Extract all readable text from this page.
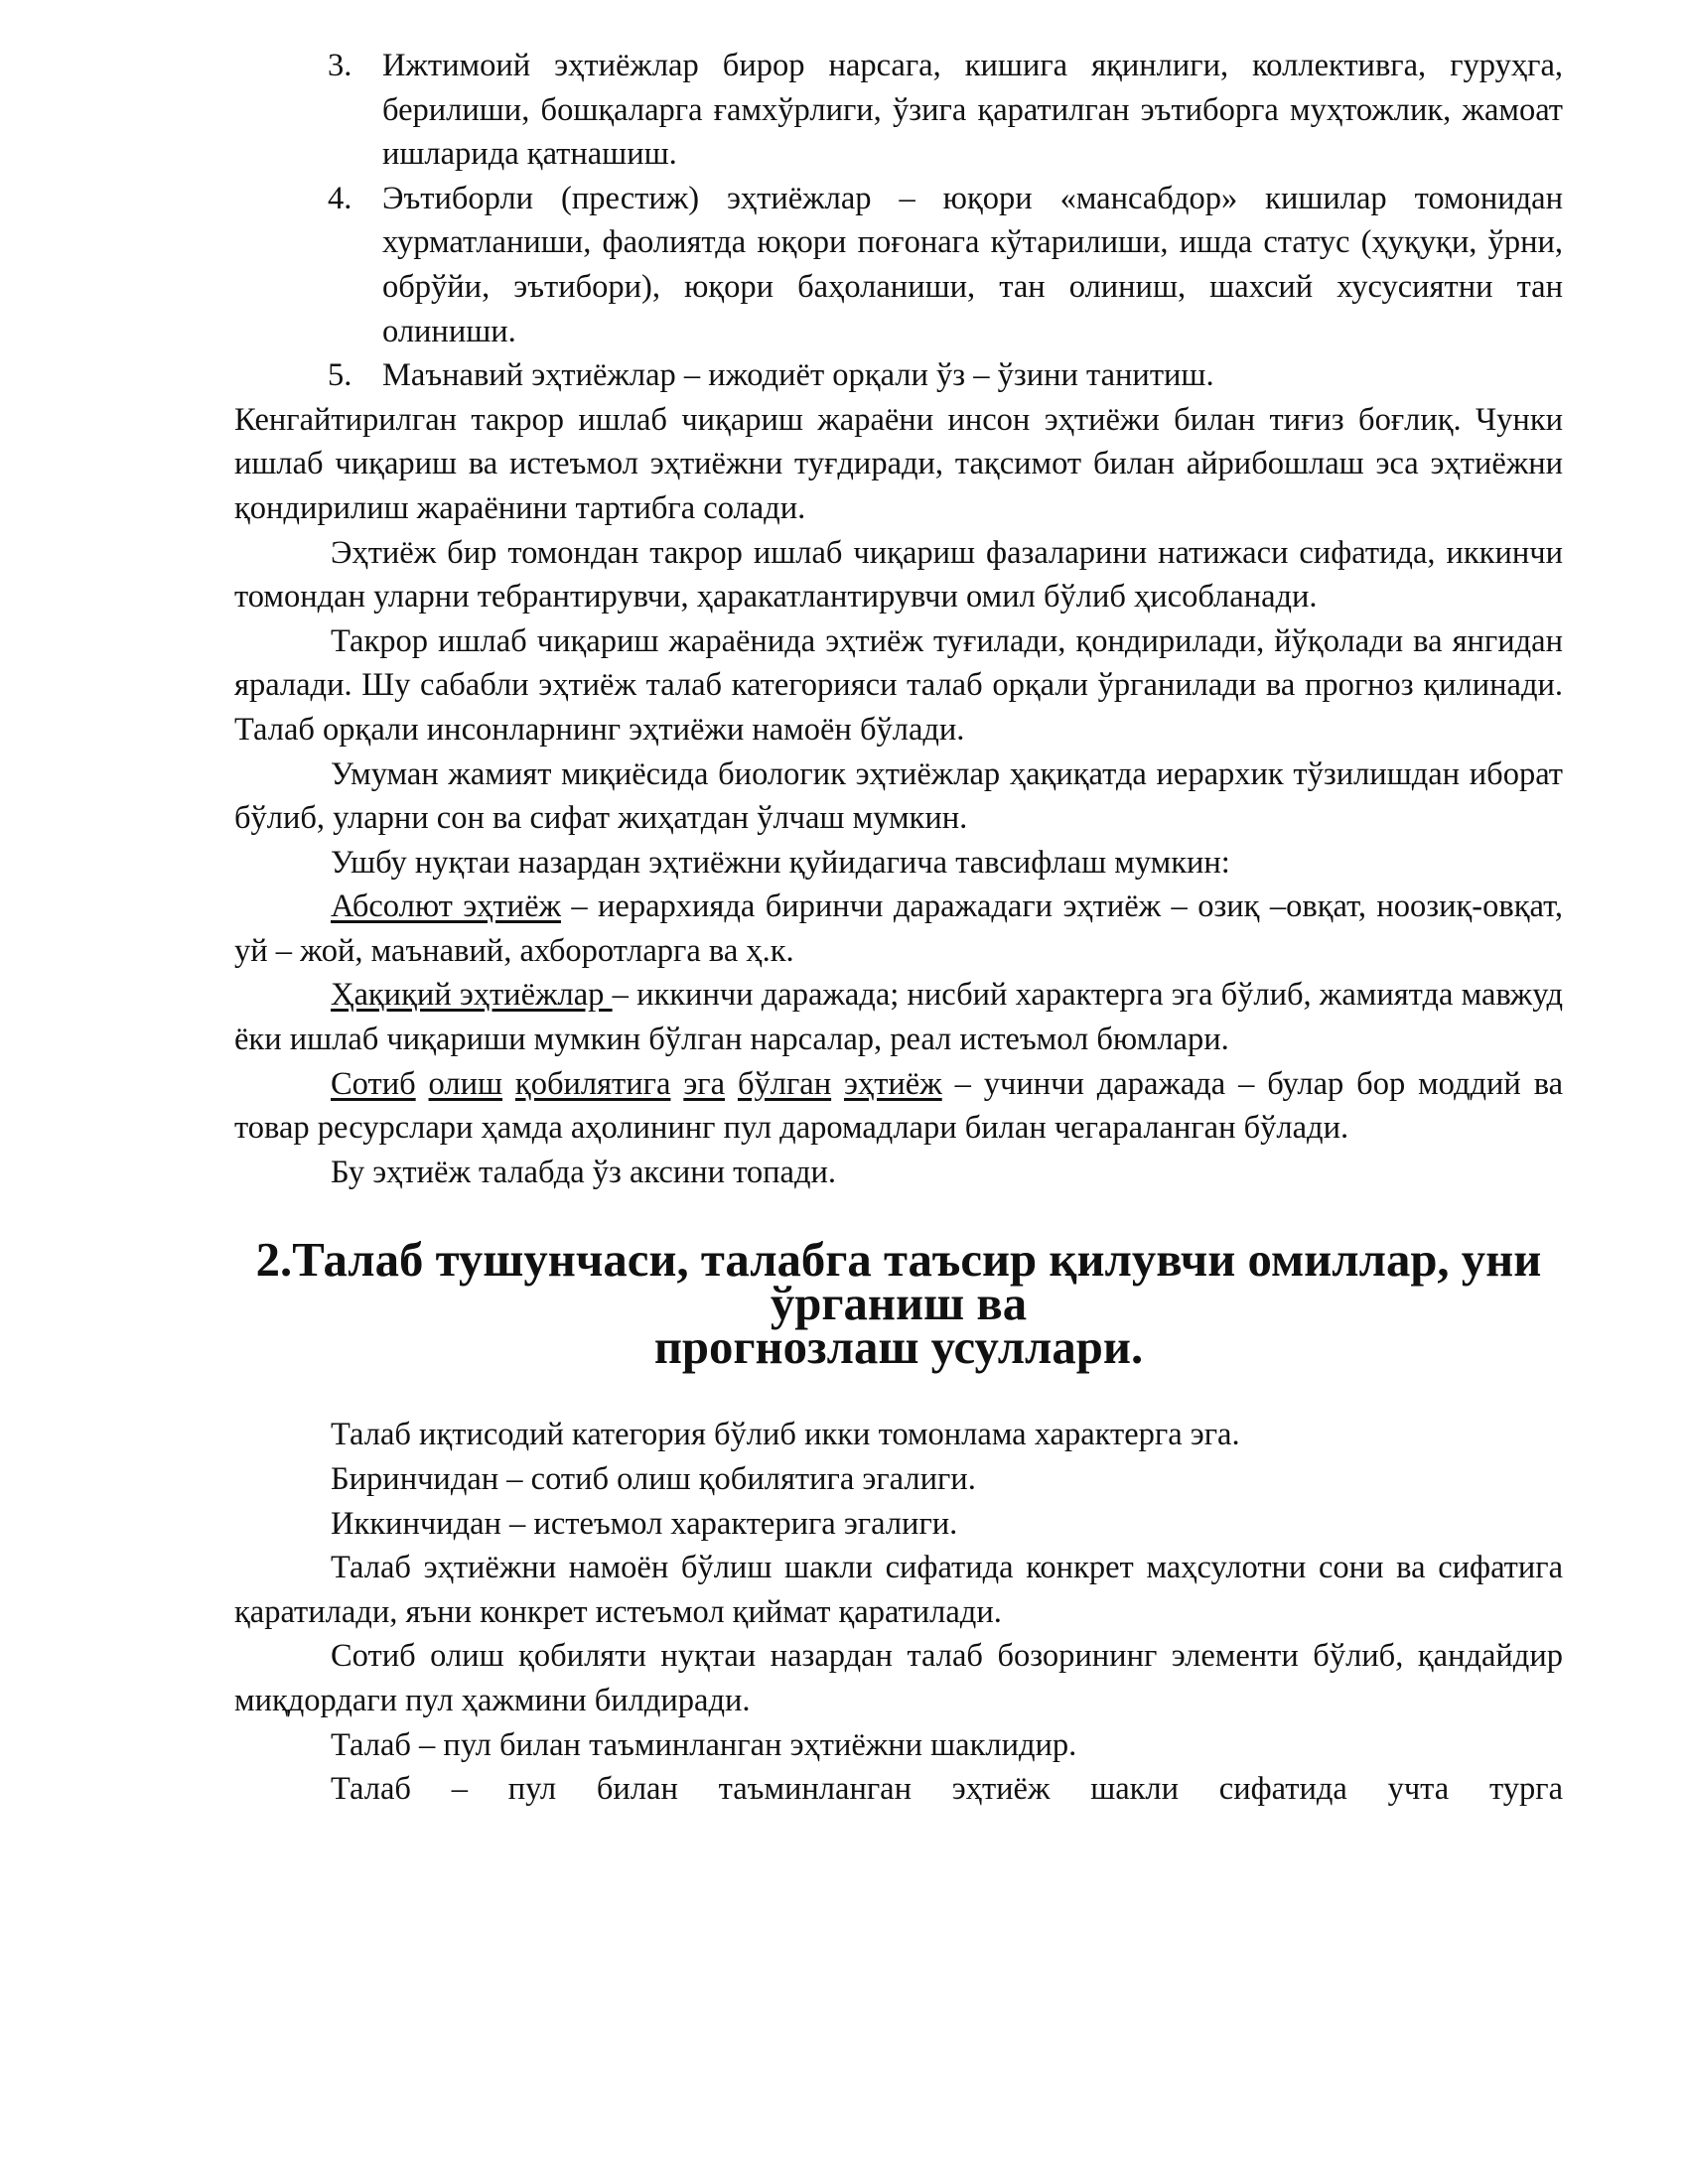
3. Ижтимоий эҳтиёжлар бирор нарсага, кишига яқинлиги, коллективга, гуруҳга, берилиши, бошқаларга ғамхўрлиги, ўзига қаратилган эътиборга муҳтожлик, жамоат ишларида қатнашиш.
4. Эътиборли (престиж) эҳтиёжлар – юқори «мансабдор» кишилар томонидан хурматланиши, фаолиятда юқори поғонага кўтарилиши, ишда статус (ҳуқуқи, ўрни, обрўйи, эътибори), юқори баҳоланиши, тан олиниш, шахсий хусусиятни тан олиниши.
5. Маънавий эҳтиёжлар – ижодиёт орқали ўз – ўзини танитиш.

Кенгайтирилган такрор ишлаб чиқариш жараёни инсон эҳтиёжи билан тиғиз боғлиқ. Чунки ишлаб чиқариш ва истеъмол эҳтиёжни туғдиради, тақсимот билан айрибошлаш эса эҳтиёжни қондирилиш жараёнини тартибга солади.

Эҳтиёж бир томондан такрор ишлаб чиқариш фазаларини натижаси сифатида, иккинчи томондан уларни тебрантирувчи, ҳаракатлантирувчи омил бўлиб ҳисобланади.

Такрор ишлаб чиқариш жараёнида эҳтиёж туғилади, қондирилади, йўқолади ва янгидан яралади. Шу сабабли эҳтиёж талаб категорияси талаб орқали ўрганилади ва прогноз қилинади. Талаб орқали инсонларнинг эҳтиёжи намоён бўлади.

Умуман жамият миқиёсида биологик эҳтиёжлар ҳақиқатда иерархик тўзилишдан иборат бўлиб, уларни сон ва сифат жиҳатдан ўлчаш мумкин.

Ушбу нуқтаи назардан эҳтиёжни қуйидагича тавсифлаш мумкин:

Абсолют эҳтиёж – иерархияда биринчи даражадаги эҳтиёж – озиқ –овқат, ноозиқ-овқат, уй – жой, маънавий, ахборотларга ва ҳ.к.

Ҳақиқий эҳтиёжлар – иккинчи даражада; нисбий характерга эга бўлиб, жамиятда мавжуд ёки ишлаб чиқариши мумкин бўлган нарсалар, реал истеъмол бюмлари.

Сотиб олиш қобилятига эга бўлган эҳтиёж – учинчи даражада – булар бор моддий ва товар ресурслари ҳамда аҳолининг пул даромадлари билан чегараланган бўлади.

Бу эҳтиёж талабда ўз аксини топади.

2.Талаб тушунчаси, талабга таъсир қилувчи омиллар, уни ўрганиш ва
прогнозлаш усуллари.

Талаб иқтисодий категория бўлиб икки томонлама характерга эга.

Биринчидан – сотиб олиш қобилятига эгалиги.

Иккинчидан – истеъмол характерига эгалиги.

Талаб эҳтиёжни намоён бўлиш шакли сифатида конкрет маҳсулотни сони ва сифатига қаратилади, яъни конкрет истеъмол қиймат қаратилади.

Сотиб олиш қобиляти нуқтаи назардан талаб бозорининг элементи бўлиб, қандайдир миқдордаги пул ҳажмини билдиради.

Талаб – пул билан таъминланган эҳтиёжни шаклидир.

Талаб – пул билан таъминланган эҳтиёж шакли сифатида учта турга
